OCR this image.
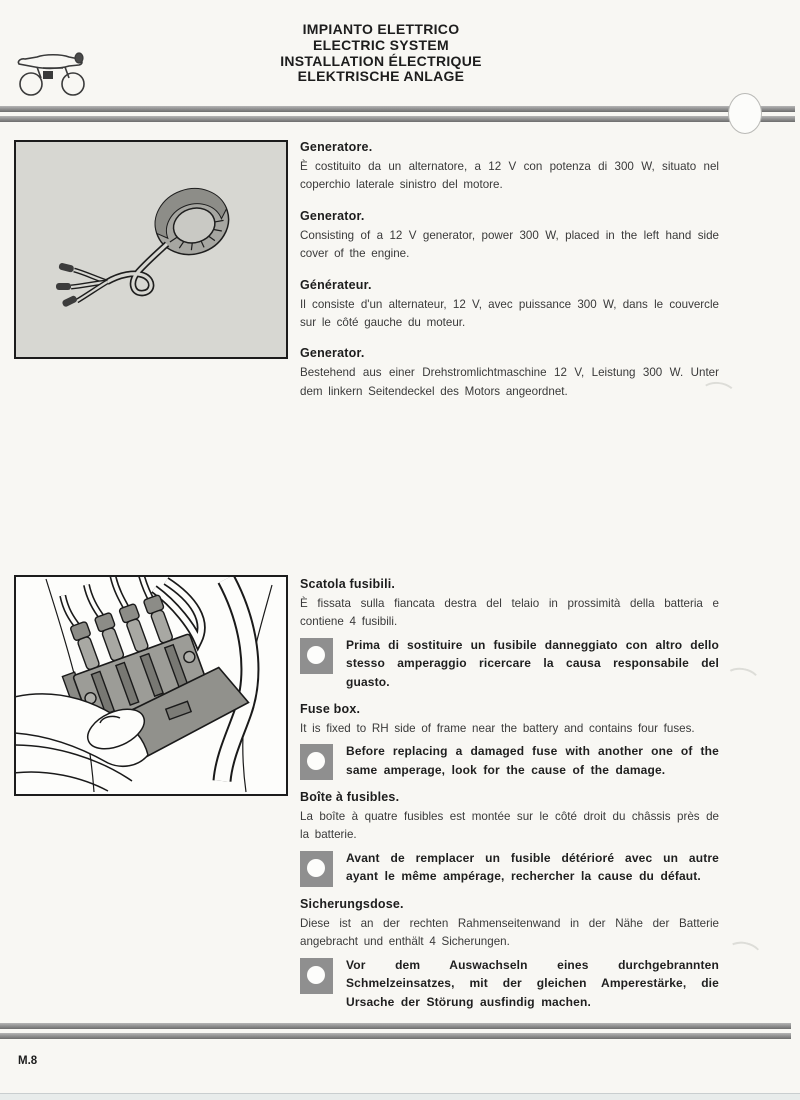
IMPIANTO ELETTRICO
ELECTRIC SYSTEM
INSTALLATION ÉLECTRIQUE
ELEKTRISCHE ANLAGE
Generatore.

È costituito da un alternatore, a 12 V con potenza di 300 W, situato nel coperchio laterale sinistro del motore.

Generator.

Consisting of a 12 V generator, power 300 W, placed in the left hand side cover of the engine.

Générateur.

Il consiste d'un alternateur, 12 V, avec puissance 300 W, dans le couvercle sur le côté gauche du moteur.

Generator.

Bestehend aus einer Drehstromlichtmaschine 12 V, Leistung 300 W. Unter dem linkern Seitendeckel des Motors angeordnet.

Scatola fusibili.

È fissata sulla fiancata destra del telaio in prossimità della batteria e contiene 4 fusibili.

Prima di sostituire un fusibile danneggiato con altro dello stesso amperaggio ricercare la causa responsabile del guasto.

Fuse box.

It is fixed to RH side of frame near the battery and contains four fuses.

Before replacing a damaged fuse with another one of the same amperage, look for the cause of the damage.

Boîte à fusibles.

La boîte à quatre fusibles est montée sur le côté droit du châssis près de la batterie.

Avant de remplacer un fusible détérioré avec un autre ayant le même ampérage, rechercher la cause du défaut.

Sicherungsdose.

Diese ist an der rechten Rahmenseitenwand in der Nähe der Batterie angebracht und enthält 4 Sicherungen.

Vor dem Auswachseln eines durchgebrannten Schmelzeinsatzes, mit der gleichen Amperestärke, die Ursache der Störung ausfindig machen.

M.8
